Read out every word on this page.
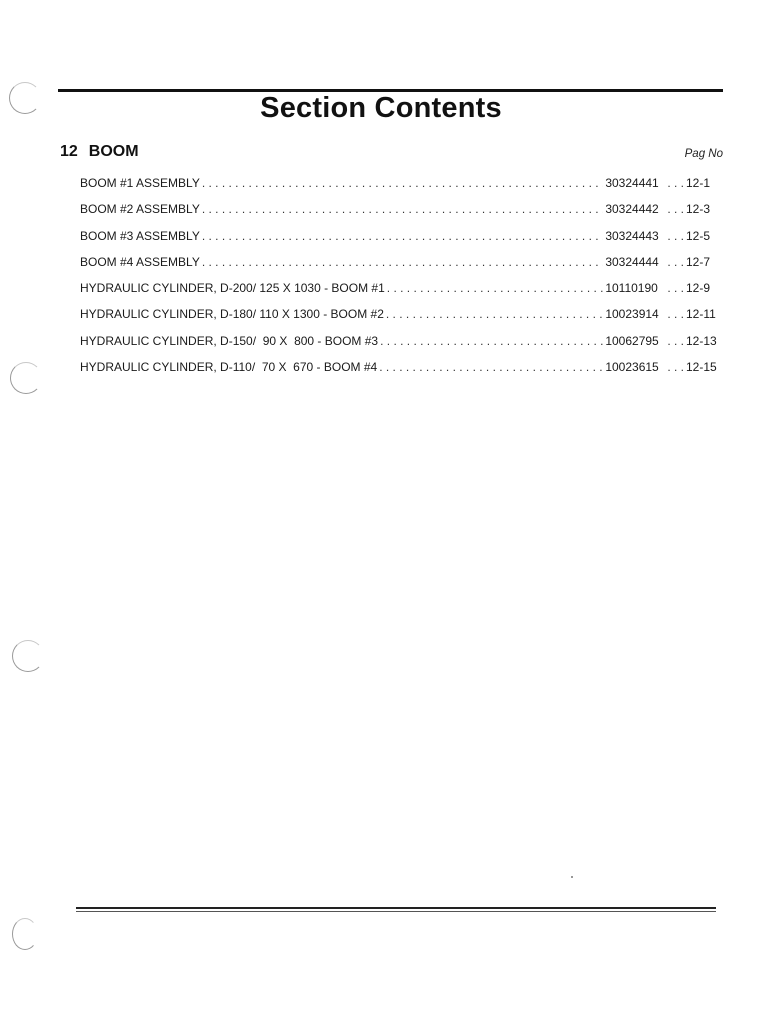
Section Contents
12 BOOM	Pag No
BOOM #1 ASSEMBLY . . .	30324441 . . . 12-1
BOOM #2 ASSEMBLY . . .	30324442 . . . 12-3
BOOM #3 ASSEMBLY . . .	30324443 . . . 12-5
BOOM #4 ASSEMBLY . . .	30324444 . . . 12-7
HYDRAULIC CYLINDER, D-200/ 125 X 1030 - BOOM #1 . . .	10110190 . . . 12-9
HYDRAULIC CYLINDER, D-180/ 110 X 1300 - BOOM #2 . . .	10023914 . . . 12-11
HYDRAULIC CYLINDER, D-150/  90 X  800 - BOOM #3 . . .	10062795 . . . 12-13
HYDRAULIC CYLINDER, D-110/  70 X  670 - BOOM #4 . . .	10023615 . . . 12-15
